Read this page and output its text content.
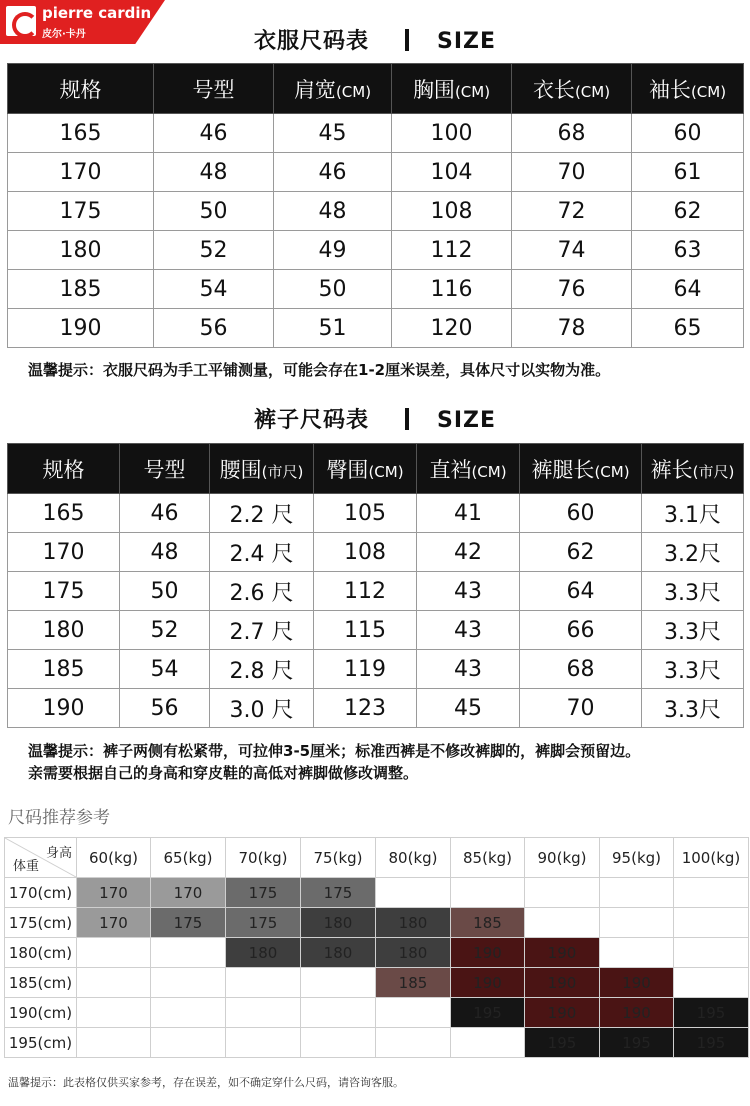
pierre cardin
皮尔·卡丹	衣服尺码表	SIZE
规格	号型	肩宽(CM)	胸围(CM)	衣长(CM)	袖长(CM)
165	46	45	100	68	60
170	48	46	104	70	61
175	50	48	108	72	62
180	52	49	112	74	63
185	54	50	116	76	64
190	56	51	120	78	65
温馨提示：衣服尺码为手工平铺测量，可能会存在1-2厘米误差，具体尺寸以实物为准。
裤子尺码表	SIZE
规格	号型	腰围(市尺)	臀围(CM)	直裆(CM)	裤腿长(CM)	裤长(市尺)
165	46	2.2 尺	105	41	60	3.1尺
170	48	2.4 尺	108	42	62	3.2尺
175	50	2.6 尺	112	43	64	3.3尺
180	52	2.7 尺	115	43	66	3.3尺
185	54	2.8 尺	119	43	68	3.3尺
190	56	3.0 尺	123	45	70	3.3尺
温馨提示：裤子两侧有松紧带，可拉伸3-5厘米；标准西裤是不修改裤脚的，裤脚会预留边。
亲需要根据自己的身高和穿皮鞋的高低对裤脚做修改调整。
尺码推荐参考
身高
体重	60(kg)	65(kg)	70(kg)	75(kg)	80(kg)	85(kg)	90(kg)	95(kg)	100(kg)
170(cm)	170	170	175	175					
175(cm)	170	175	175	180	180	185			
180(cm)			180	180	180	190	190		
185(cm)					185	190	190	190	
190(cm)						195	190	190	195
195(cm)							195	195	195
温馨提示：此表格仅供买家参考，存在误差，如不确定穿什么尺码，请咨询客服。
